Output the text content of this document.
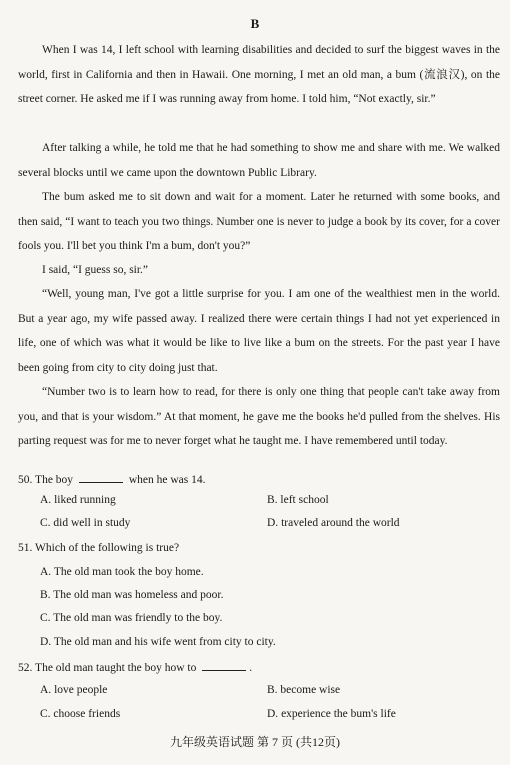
B

When I was 14, I left school with learning disabilities and decided to surf the biggest waves in the world, first in California and then in Hawaii. One morning, I met an old man, a bum (流浪汉), on the street corner. He asked me if I was running away from home. I told him, “Not exactly, sir.”

After talking a while, he told me that he had something to show me and share with me. We walked several blocks until we came upon the downtown Public Library.

The bum asked me to sit down and wait for a moment. Later he returned with some books, and then said, “I want to teach you two things. Number one is never to judge a book by its cover, for a cover fools you. I'll bet you think I'm a bum, don't you?”

I said, “I guess so, sir.”

“Well, young man, I've got a little surprise for you. I am one of the wealthiest men in the world. But a year ago, my wife passed away. I realized there were certain things I had not yet experienced in life, one of which was what it would be like to live like a bum on the streets. For the past year I have been going from city to city doing just that.

“Number two is to learn how to read, for there is only one thing that people can't take away from you, and that is your wisdom.” At that moment, he gave me the books he'd pulled from the shelves. His parting request was for me to never forget what he taught me. I have remembered until today.

50. The boy	when he was 14.
A. liked running	B. left school
C. did well in study	D. traveled around the world
51. Which of the following is true?
A. The old man took the boy home.
B. The old man was homeless and poor.
C. The old man was friendly to the boy.
D. The old man and his wife went from city to city.
52. The old man taught the boy how to	.
A. love people	B. become wise
C. choose friends	D. experience the bum's life
九年级英语试题 第 7 页 (共12页)
